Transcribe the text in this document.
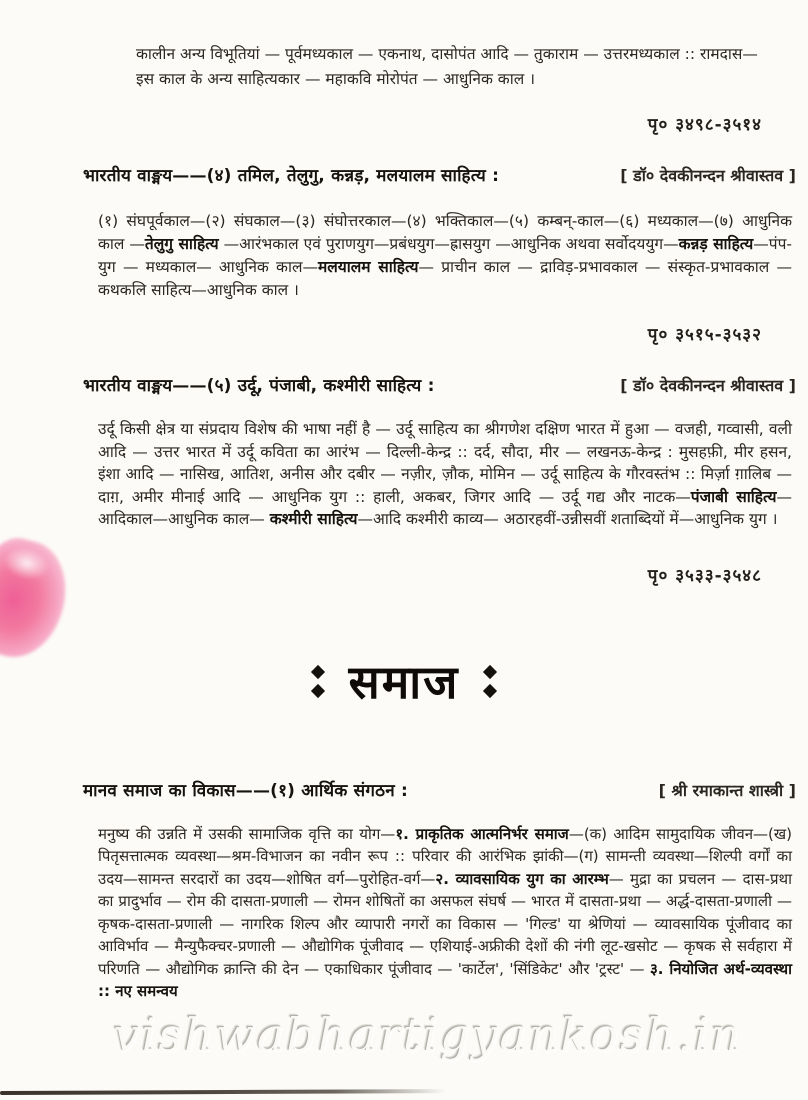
कालीन अन्य विभूतियां — पूर्वमध्यकाल — एकनाथ, दासोपंत आदि — तुकाराम — उत्तरमध्यकाल :: रामदास—इस काल के अन्य साहित्यकार — महाकवि मोरोपंत — आधुनिक काल ।

पृ० ३४९८-३५१४
भारतीय वाङ्मय——(४) तमिल, तेलुगु, कन्नड़, मलयालम साहित्य :	[ डॉ० देवकीनन्दन श्रीवास्तव ]

(१) संघपूर्वकाल—(२) संघकाल—(३) संघोत्तरकाल—(४) भक्तिकाल—(५) कम्बन्-काल—(६) मध्यकाल—(७) आधुनिक काल —तेलुगु साहित्य —आरंभकाल एवं पुराणयुग—प्रबंधयुग—ह्रासयुग —आधुनिक अथवा सर्वोदययुग—कन्नड़ साहित्य—पंप-युग — मध्यकाल— आधुनिक काल—मलयालम साहित्य— प्राचीन काल — द्राविड़-प्रभावकाल — संस्कृत-प्रभावकाल — कथकलि साहित्य—आधुनिक काल ।

पृ० ३५१५-३५३२
भारतीय वाङ्मय——(५) उर्दू, पंजाबी, कश्मीरी साहित्य :	[ डॉ० देवकीनन्दन श्रीवास्तव ]

उर्दू किसी क्षेत्र या संप्रदाय विशेष की भाषा नहीं है — उर्दू साहित्य का श्रीगणेश दक्षिण भारत में हुआ — वजही, गव्वासी, वली आदि — उत्तर भारत में उर्दू कविता का आरंभ — दिल्ली-केन्द्र :: दर्द, सौदा, मीर — लखनऊ-केन्द्र : मुसहफ़ी, मीर हसन, इंशा आदि — नासिख, आतिश, अनीस और दबीर — नज़ीर, ज़ौक, मोमिन — उर्दू साहित्य के गौरवस्तंभ :: मिर्ज़ा ग़ालिब — दाग़, अमीर मीनाई आदि — आधुनिक युग :: हाली, अकबर, जिगर आदि — उर्दू गद्य और नाटक—पंजाबी साहित्य—आदिकाल—आधुनिक काल— कश्मीरी साहित्य—आदि कश्मीरी काव्य— अठारहवीं-उन्नीसवीं शताब्दियों में—आधुनिक युग ।

पृ० ३५३३-३५४८
समाज
मानव समाज का विकास——(१) आर्थिक संगठन :	[ श्री रमाकान्त शास्त्री ]

मनुष्य की उन्नति में उसकी सामाजिक वृत्ति का योग—१. प्राकृतिक आत्मनिर्भर समाज—(क) आदिम सामुदायिक जीवन—(ख) पितृसत्तात्मक व्यवस्था—श्रम-विभाजन का नवीन रूप :: परिवार की आरंभिक झांकी—(ग) सामन्ती व्यवस्था—शिल्पी वर्गों का उदय—सामन्त सरदारों का उदय—शोषित वर्ग—पुरोहित-वर्ग—२. व्यावसायिक युग का आरम्भ— मुद्रा का प्रचलन — दास-प्रथा का प्रादुर्भाव — रोम की दासता-प्रणाली — रोमन शोषितों का असफल संघर्ष — भारत में दासता-प्रथा — अर्द्ध-दासता-प्रणाली — कृषक-दासता-प्रणाली — नागरिक शिल्प और व्यापारी नगरों का विकास — 'गिल्ड' या श्रेणियां — व्यावसायिक पूंजीवाद का आविर्भाव — मैन्युफैक्चर-प्रणाली — औद्योगिक पूंजीवाद — एशियाई-अफ्रीकी देशों की नंगी लूट-खसोट — कृषक से सर्वहारा में परिणति — औद्योगिक क्रान्ति की देन — एकाधिकार पूंजीवाद — 'कार्टेल', 'सिंडिकेट' और 'ट्रस्ट' — ३. नियोजित अर्थ-व्यवस्था :: नए समन्वय

vishwabhartigyankosh.in
